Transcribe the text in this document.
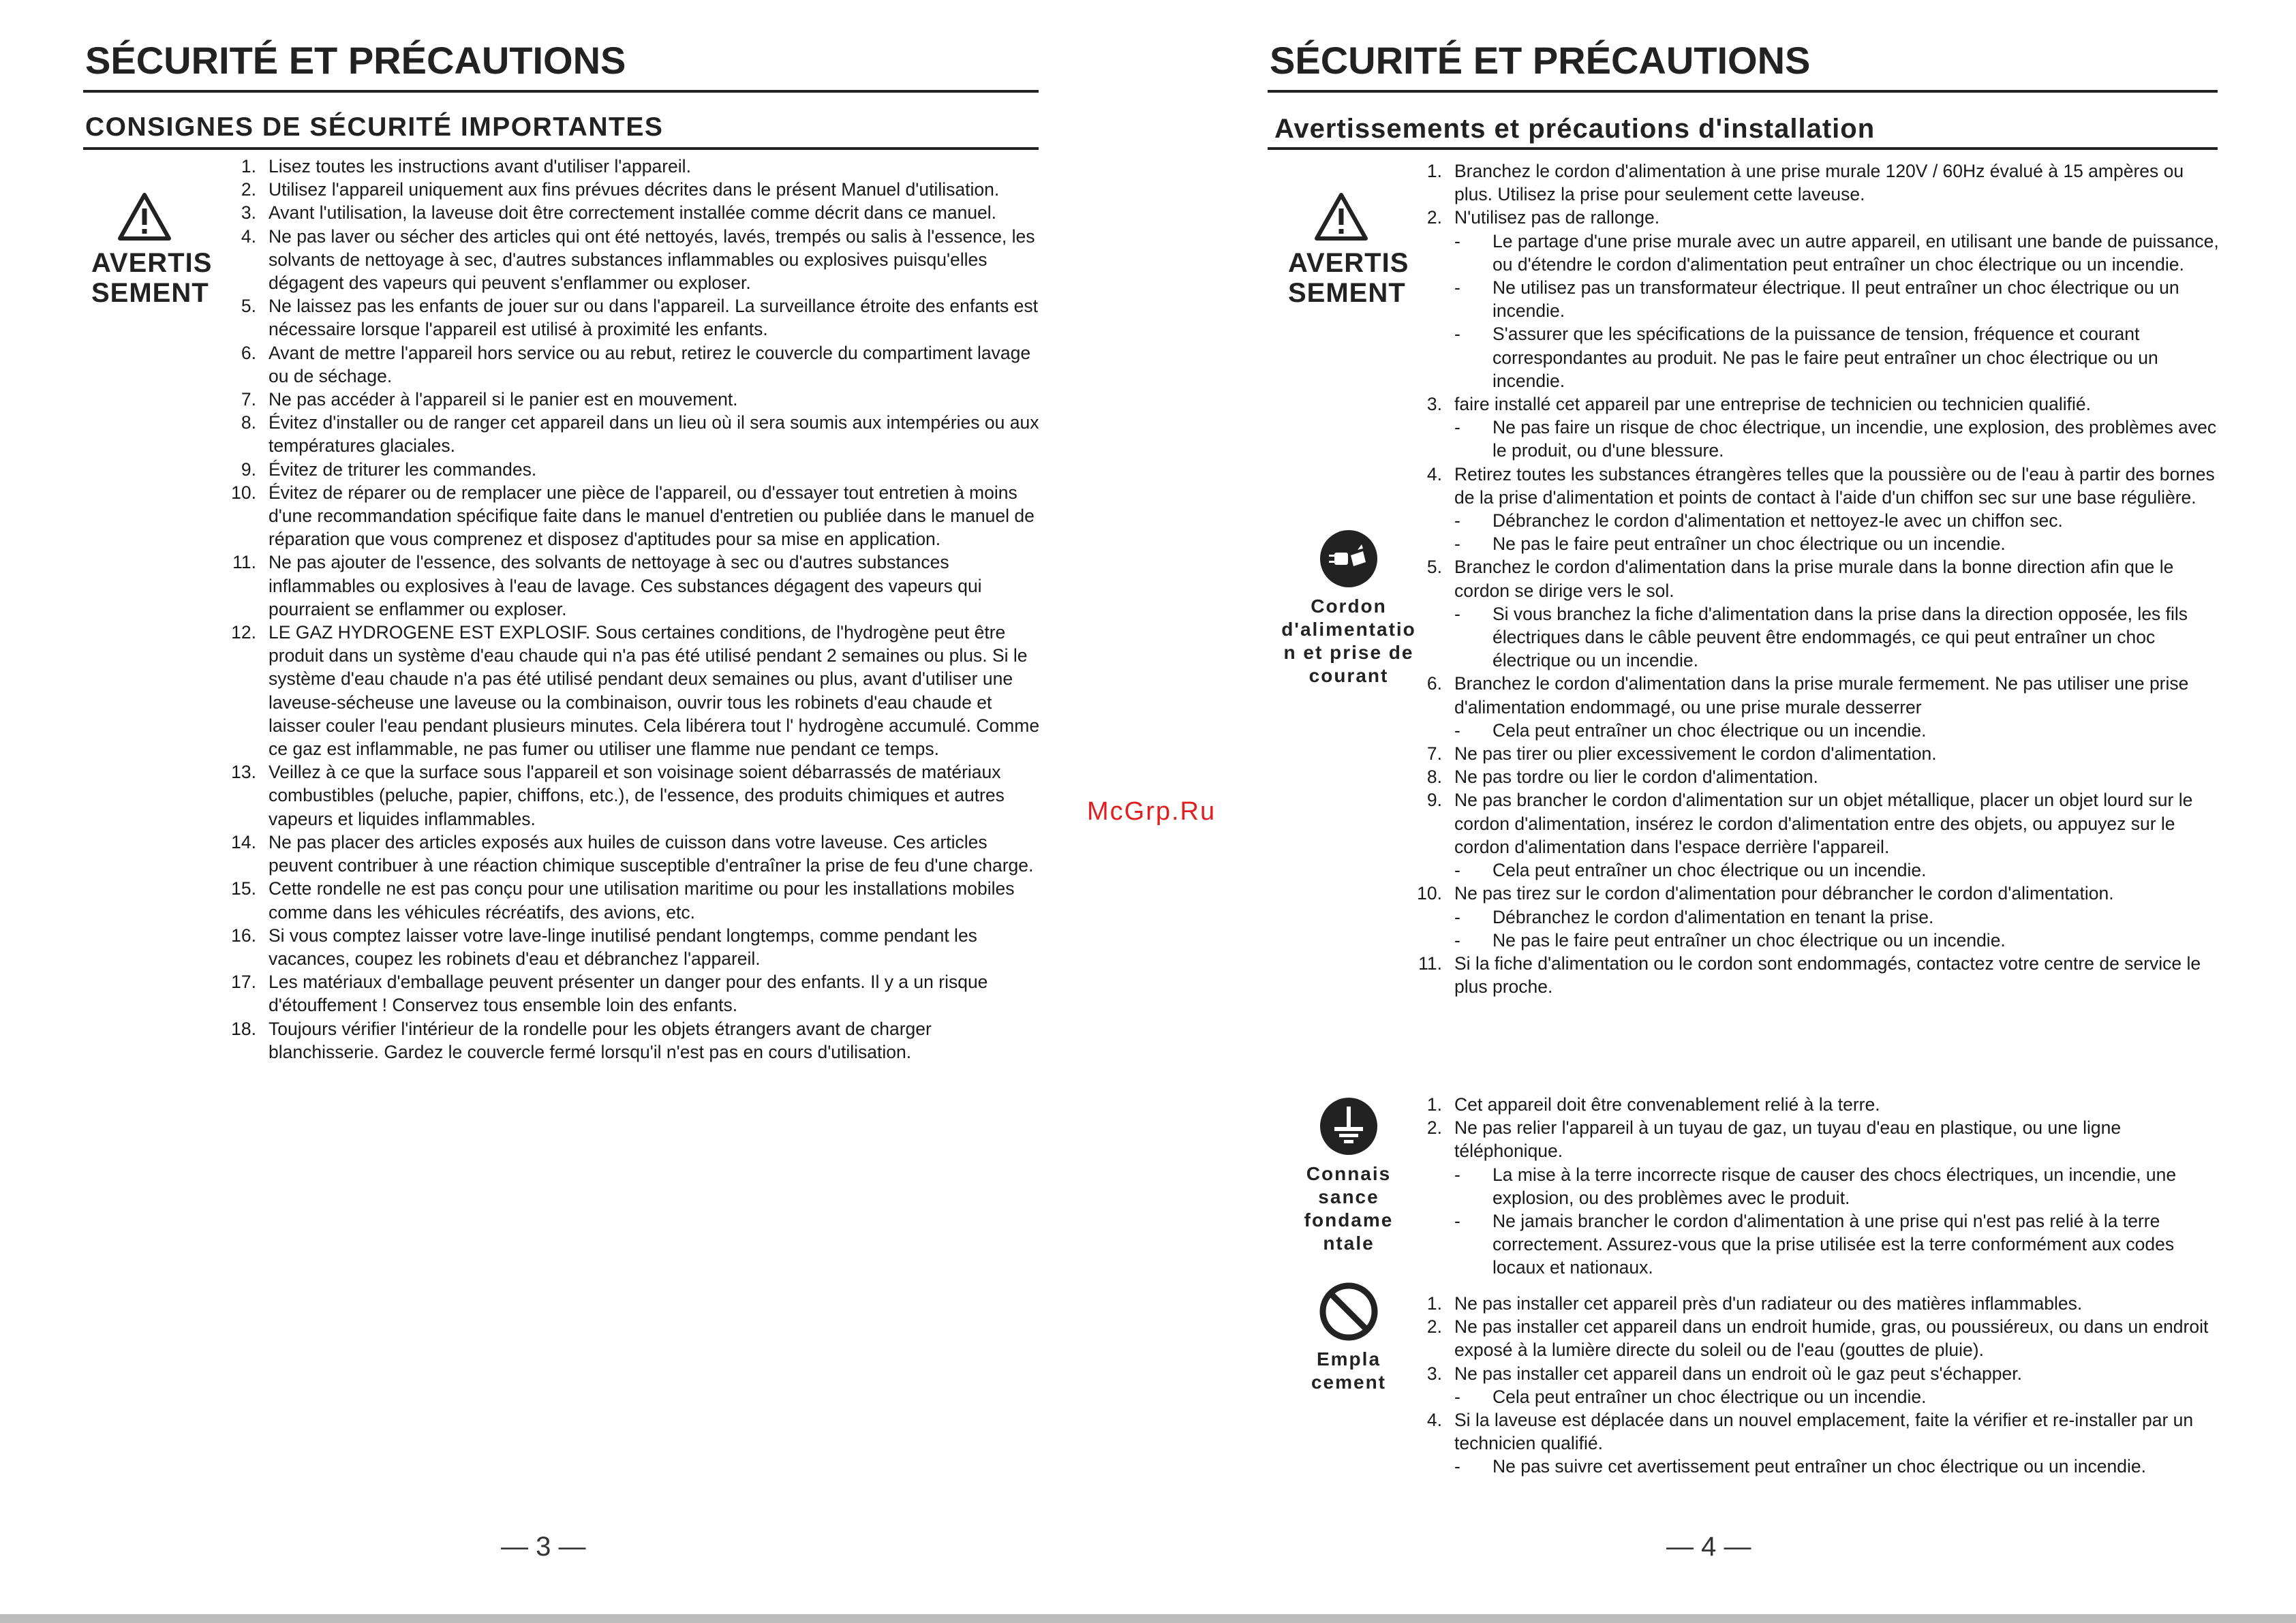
SÉCURITÉ ET PRÉCAUTIONS
CONSIGNES DE SÉCURITÉ IMPORTANTES
AVERTIS
SEMENT
1. Lisez toutes les instructions avant d'utiliser l'appareil.
2. Utilisez l'appareil uniquement aux fins prévues décrites dans le présent Manuel d'utilisation.
3. Avant l'utilisation, la laveuse doit être correctement installée comme décrit dans ce manuel.
4. Ne pas laver ou sécher des articles qui ont été nettoyés, lavés, trempés ou salis à l'essence, les solvants de nettoyage à sec, d'autres substances inflammables ou explosives puisqu'elles dégagent des vapeurs qui peuvent s'enflammer ou exploser.
5. Ne laissez pas les enfants de jouer sur ou dans l'appareil. La surveillance étroite des enfants est nécessaire lorsque l'appareil est utilisé à proximité les enfants.
6. Avant de mettre l'appareil hors service ou au rebut, retirez le couvercle du compartiment lavage ou de séchage.
7. Ne pas accéder à l'appareil si le panier est en mouvement.
8. Évitez d'installer ou de ranger cet appareil dans un lieu où il sera soumis aux intempéries ou aux températures glaciales.
9. Évitez de triturer les commandes.
10. Évitez de réparer ou de remplacer une pièce de l'appareil, ou d'essayer tout entretien à moins d'une recommandation spécifique faite dans le manuel d'entretien ou publiée dans le manuel de réparation que vous comprenez et disposez d'aptitudes pour sa mise en application.
11. Ne pas ajouter de l'essence, des solvants de nettoyage à sec ou d'autres substances inflammables ou explosives à l'eau de lavage. Ces substances dégagent des vapeurs qui pourraient se enflammer ou exploser.
12. LE GAZ HYDROGENE EST EXPLOSIF. Sous certaines conditions, de l'hydrogène peut être produit dans un système d'eau chaude qui n'a pas été utilisé pendant 2 semaines ou plus. Si le système d'eau chaude n'a pas été utilisé pendant deux semaines ou plus, avant d'utiliser une laveuse-sécheuse une laveuse ou la combinaison, ouvrir tous les robinets d'eau chaude et laisser couler l'eau pendant plusieurs minutes. Cela libérera tout l' hydrogène accumulé. Comme ce gaz est inflammable, ne pas fumer ou utiliser une flamme nue pendant ce temps.
13. Veillez à ce que la surface sous l'appareil et son voisinage soient débarrassés de matériaux combustibles (peluche, papier, chiffons, etc.), de l'essence, des produits chimiques et autres vapeurs et liquides inflammables.
14. Ne pas placer des articles exposés aux huiles de cuisson dans votre laveuse. Ces articles peuvent contribuer à une réaction chimique susceptible d'entraîner la prise de feu d'une charge.
15. Cette rondelle ne est pas conçu pour une utilisation maritime ou pour les installations mobiles comme dans les véhicules récréatifs, des avions, etc.
16. Si vous comptez laisser votre lave-linge inutilisé pendant longtemps, comme pendant les vacances, coupez les robinets d'eau et débranchez l'appareil.
17. Les matériaux d'emballage peuvent présenter un danger pour des enfants. Il y a un risque d'étouffement ! Conservez tous ensemble loin des enfants.
18. Toujours vérifier l'intérieur de la rondelle pour les objets étrangers avant de charger blanchisserie. Gardez le couvercle fermé lorsqu'il n'est pas en cours d'utilisation.
— 3 —
McGrp.Ru
SÉCURITÉ ET PRÉCAUTIONS
Avertissements et précautions d'installation
AVERTIS
SEMENT
Cordon
d'alimentatio
n et prise de
courant
Connais
sance
fondame
ntale
Empla
cement
1. Branchez le cordon d'alimentation à une prise murale 120V / 60Hz évalué à 15 ampères ou plus. Utilisez la prise pour seulement cette laveuse.
2. N'utilisez pas de rallonge.
-	Le partage d'une prise murale avec un autre appareil, en utilisant une bande de puissance, ou d'étendre le cordon d'alimentation peut entraîner un choc électrique ou un incendie.
-	Ne utilisez pas un transformateur électrique. Il peut entraîner un choc électrique ou un incendie.
-	S'assurer que les spécifications de la puissance de tension, fréquence et courant correspondantes au produit. Ne pas le faire peut entraîner un choc électrique ou un incendie.
3. faire installé cet appareil par une entreprise de technicien ou technicien qualifié.
-	Ne pas faire un risque de choc électrique, un incendie, une explosion, des problèmes avec le produit, ou d'une blessure.
4. Retirez toutes les substances étrangères telles que la poussière ou de l'eau à partir des bornes de la prise d'alimentation et points de contact à l'aide d'un chiffon sec sur une base régulière.
-	Débranchez le cordon d'alimentation et nettoyez-le avec un chiffon sec.
-	Ne pas le faire peut entraîner un choc électrique ou un incendie.
5. Branchez le cordon d'alimentation dans la prise murale dans la bonne direction afin que le cordon se dirige vers le sol.
-	Si vous branchez la fiche d'alimentation dans la prise dans la direction opposée, les fils électriques dans le câble peuvent être endommagés, ce qui peut entraîner un choc électrique ou un incendie.
6. Branchez le cordon d'alimentation dans la prise murale fermement. Ne pas utiliser une prise d'alimentation endommagé, ou une prise murale desserrer
-	Cela peut entraîner un choc électrique ou un incendie.
7. Ne pas tirer ou plier excessivement le cordon d'alimentation.
8. Ne pas tordre ou lier le cordon d'alimentation.
9. Ne pas brancher le cordon d'alimentation sur un objet métallique, placer un objet lourd sur le cordon d'alimentation, insérez le cordon d'alimentation entre des objets, ou appuyez sur le cordon d'alimentation dans l'espace derrière l'appareil.
-	Cela peut entraîner un choc électrique ou un incendie.
10. Ne pas tirez sur le cordon d'alimentation pour débrancher le cordon d'alimentation.
-	Débranchez le cordon d'alimentation en tenant la prise.
-	Ne pas le faire peut entraîner un choc électrique ou un incendie.
11. Si la fiche d'alimentation ou le cordon sont endommagés, contactez votre centre de service le plus proche.
1. Cet appareil doit être convenablement relié à la terre.
2. Ne pas relier l'appareil à un tuyau de gaz, un tuyau d'eau en plastique, ou une ligne téléphonique.
-	La mise à la terre incorrecte risque de causer des chocs électriques, un incendie, une explosion, ou des problèmes avec le produit.
-	Ne jamais brancher le cordon d'alimentation à une prise qui n'est pas relié à la terre correctement. Assurez-vous que la prise utilisée est la terre conformément aux codes locaux et nationaux.
1. Ne pas installer cet appareil près d'un radiateur ou des matières inflammables.
2. Ne pas installer cet appareil dans un endroit humide, gras, ou poussiéreux, ou dans un endroit exposé à la lumière directe du soleil ou de l'eau (gouttes de pluie).
3. Ne pas installer cet appareil dans un endroit où le gaz peut s'échapper.
-	Cela peut entraîner un choc électrique ou un incendie.
4. Si la laveuse est déplacée dans un nouvel emplacement, faite la vérifier et re-installer par un technicien qualifié.
-	Ne pas suivre cet avertissement peut entraîner un choc électrique ou un incendie.
— 4 —
